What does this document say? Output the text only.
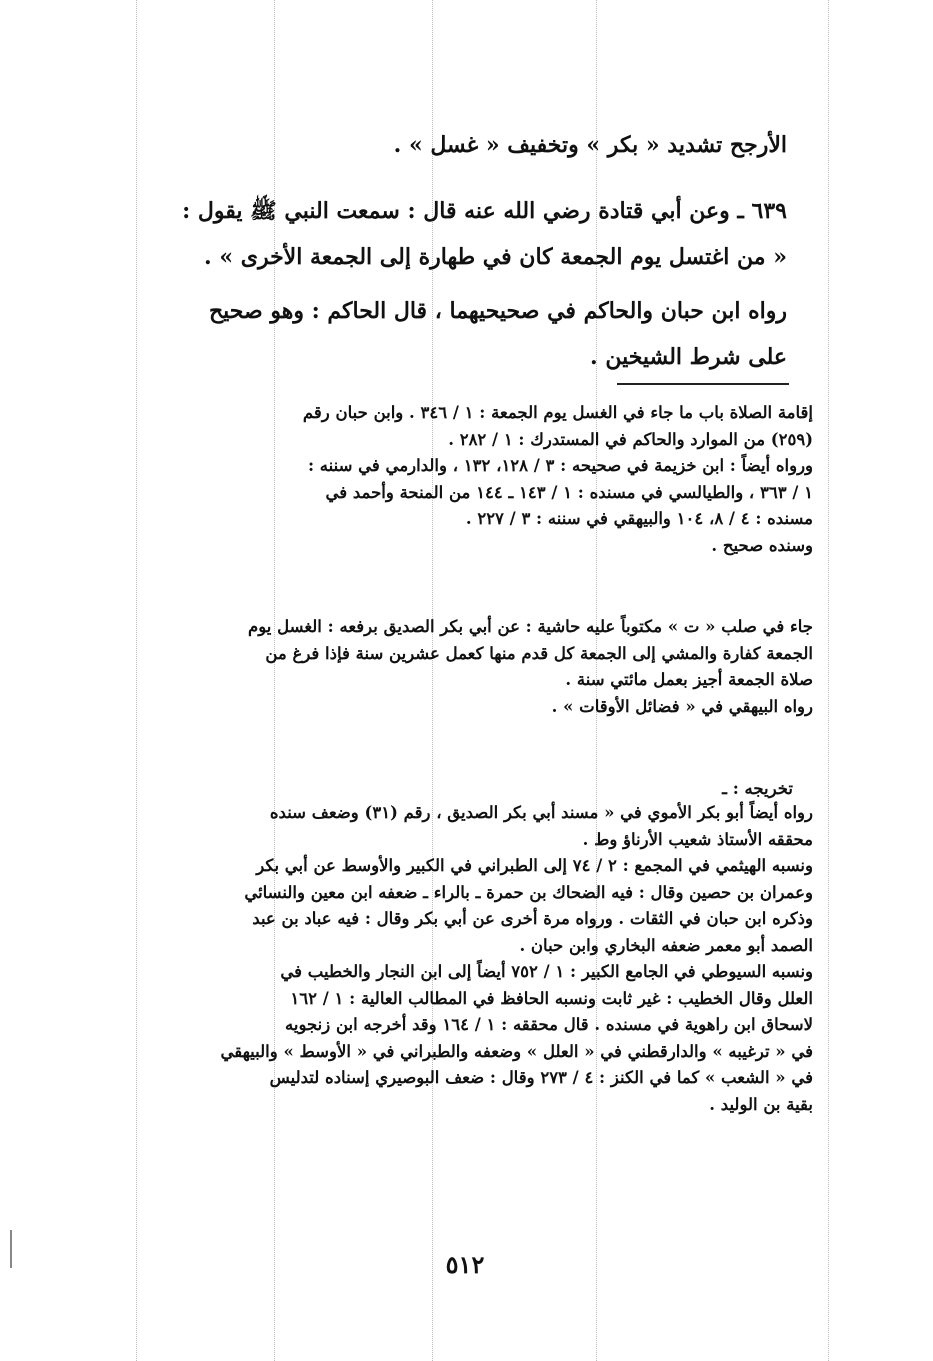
الأرجح تشديد « بكر » وتخفيف « غسل » .
٦٣٩ ـ وعن أبي قتادة رضي الله عنه قال : سمعت النبي ﷺ يقول :
« من اغتسل يوم الجمعة كان في طهارة إلى الجمعة الأخرى » .
رواه ابن حبان والحاكم في صحيحيهما ، قال الحاكم : وهو صحيح
على شرط الشيخين .
إقامة الصلاة باب ما جاء في الغسل يوم الجمعة : ١ / ٣٤٦ . وابن حبان رقم
(٢٥٩) من الموارد والحاكم في المستدرك : ١ / ٢٨٢ .
ورواه أيضاً : ابن خزيمة في صحيحه : ٣ / ١٢٨، ١٣٢ ، والدارمي في سننه :
١ / ٣٦٣ ، والطيالسي في مسنده : ١ / ١٤٣ ـ ١٤٤ من المنحة وأحمد في
مسنده : ٤ / ٨، ١٠٤ والبيهقي في سننه : ٣ / ٢٢٧ .
وسنده صحيح .
جاء في صلب « ت » مكتوباً عليه حاشية : عن أبي بكر الصديق برفعه : الغسل يوم
الجمعة كفارة والمشي إلى الجمعة كل قدم منها كعمل عشرين سنة فإذا فرغ من
صلاة الجمعة أجيز بعمل مائتي سنة .
رواه البيهقي في « فضائل الأوقات » .
تخريجه : ـ
رواه أيضاً أبو بكر الأموي في « مسند أبي بكر الصديق ، رقم (٣١) وضعف سنده
محققه الأستاذ شعيب الأرناؤ وط .
ونسبه الهيثمي في المجمع : ٢ / ٧٤ إلى الطبراني في الكبير والأوسط عن أبي بكر
وعمران بن حصين وقال : فيه الضحاك بن حمرة ـ بالراء ـ ضعفه ابن معين والنسائي
وذكره ابن حبان في الثقات . ورواه مرة أخرى عن أبي بكر وقال : فيه عباد بن عبد
الصمد أبو معمر ضعفه البخاري وابن حبان .
ونسبه السيوطي في الجامع الكبير : ١ / ٧٥٢ أيضاً إلى ابن النجار والخطيب في
العلل وقال الخطيب : غير ثابت ونسبه الحافظ في المطالب العالية : ١ / ١٦٢
لاسحاق ابن راهوية في مسنده . قال محققه : ١ / ١٦٤ وقد أخرجه ابن زنجويه
في « ترغيبه » والدارقطني في « العلل » وضعفه والطبراني في « الأوسط » والبيهقي
في « الشعب » كما في الكنز : ٤ / ٢٧٣ وقال : ضعف البوصيري إسناده لتدليس
بقية بن الوليد .
٥١٢
